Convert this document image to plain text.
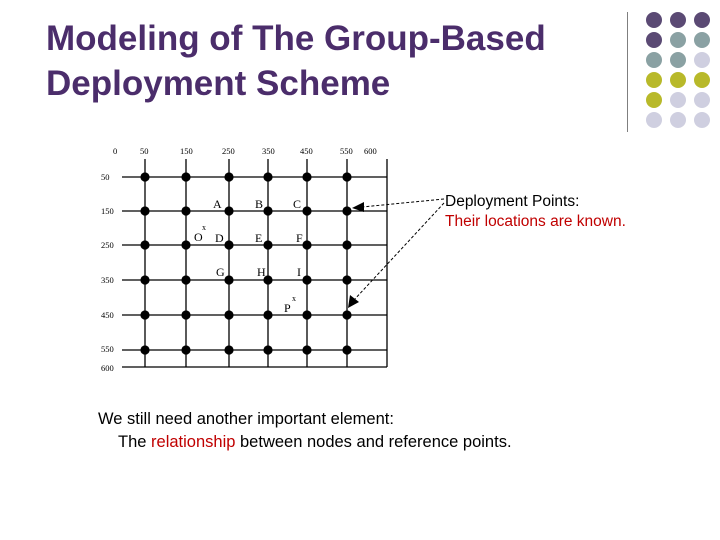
Modeling of The Group-Based
Deployment Scheme
0	50	150	250	350	450	550 600
50
150
250
350
450
550
600
A	B C
D	E	F
G	H	I
O
x
P
x
Deployment Points:
Their locations are known.
We still need another important element:
The relationship between nodes and reference points.
